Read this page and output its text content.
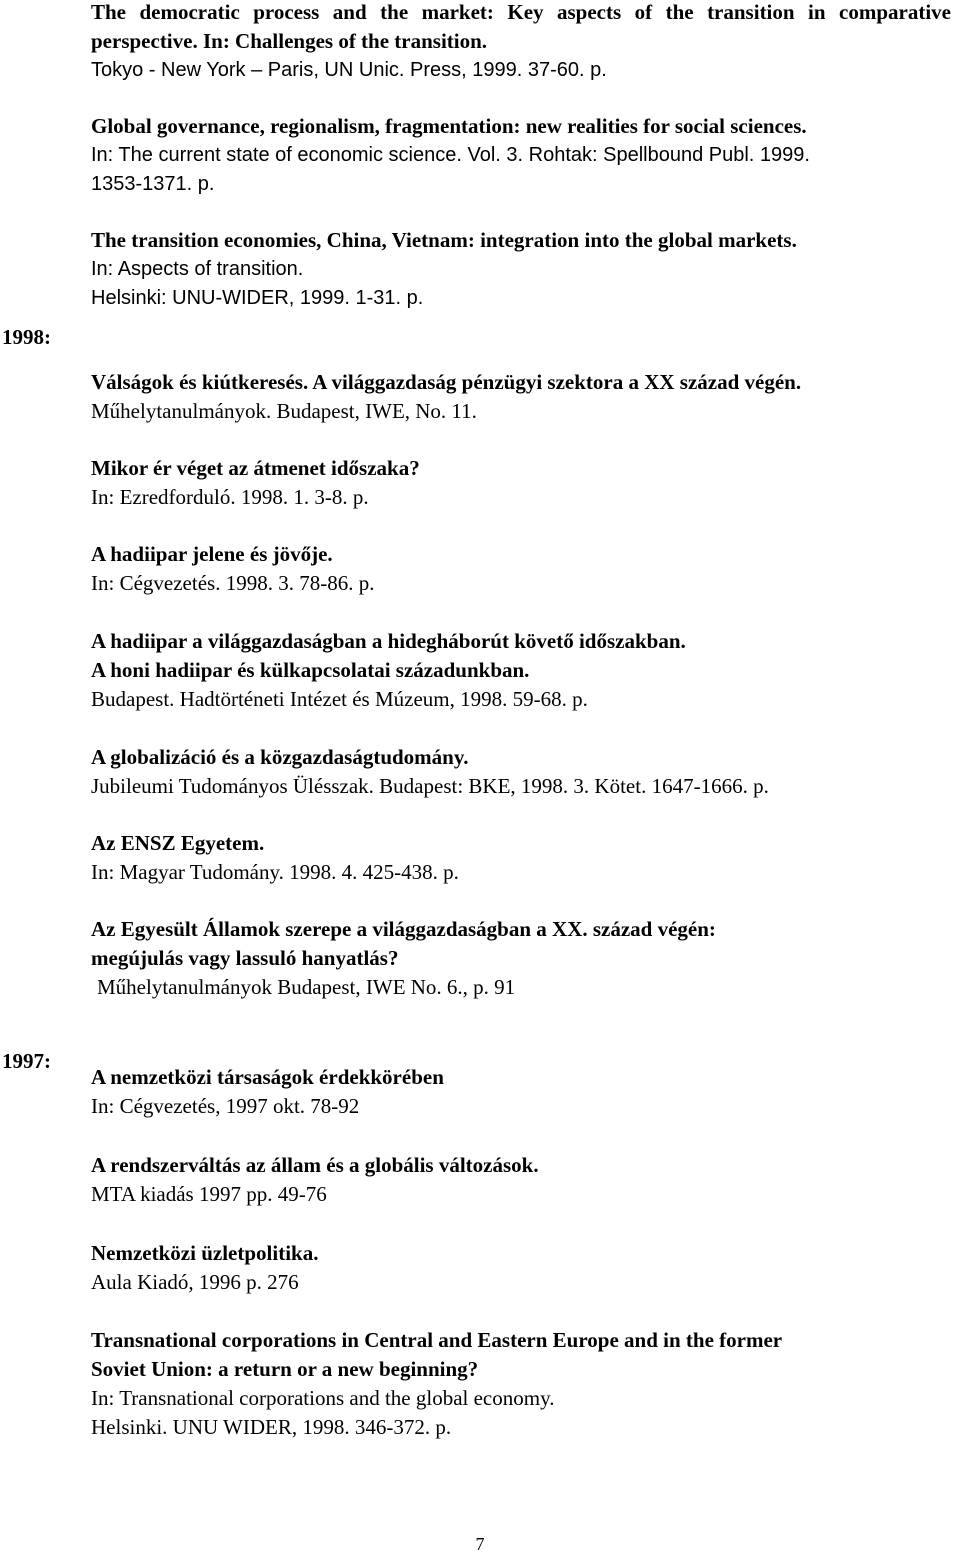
The democratic process and the market: Key aspects of the transition in comparative perspective. In: Challenges of the transition.
Tokyo - New York – Paris, UN Unic. Press, 1999. 37-60. p.
Global governance, regionalism, fragmentation: new realities for social sciences.
In: The current state of economic science. Vol. 3. Rohtak: Spellbound Publ. 1999.
1353-1371. p.
The transition economies, China, Vietnam: integration into the global markets.
In: Aspects of transition.
Helsinki: UNU-WIDER, 1999. 1-31. p.
1998:
Válságok és kiútkeresés. A világgazdaság pénzügyi szektora a XX század végén.
Műhelytanulmányok. Budapest, IWE, No. 11.
Mikor ér véget az átmenet időszaka?
In: Ezredforduló. 1998. 1. 3-8. p.
A hadiipar jelene és jövője.
In: Cégvezetés. 1998. 3. 78-86. p.
A hadiipar a világgazdaságban a hidegháborút követő időszakban.
A honi hadiipar és külkapcsolatai századunkban.
Budapest. Hadtörténeti Intézet és Múzeum, 1998. 59-68. p.
A globalizáció és a közgazdaságtudomány.
Jubileumi Tudományos Ülésszak. Budapest: BKE, 1998. 3. Kötet. 1647-1666. p.
Az ENSZ Egyetem.
In: Magyar Tudomány. 1998. 4. 425-438. p.
Az Egyesült Államok szerepe a világgazdaságban a XX. század végén:
megújulás vagy lassuló hanyatlás?
Műhelytanulmányok Budapest, IWE No. 6., p. 91
1997:
A nemzetközi társaságok érdekkörében
In: Cégvezetés, 1997 okt. 78-92
A rendszerváltás az állam és a globális változások.
MTA kiadás 1997 pp. 49-76
Nemzetközi üzletpolitika.
Aula Kiadó, 1996 p. 276
Transnational corporations in Central and Eastern Europe and in the former
Soviet Union: a return or a new beginning?
In: Transnational corporations and the global economy.
Helsinki. UNU WIDER, 1998. 346-372. p.
7
